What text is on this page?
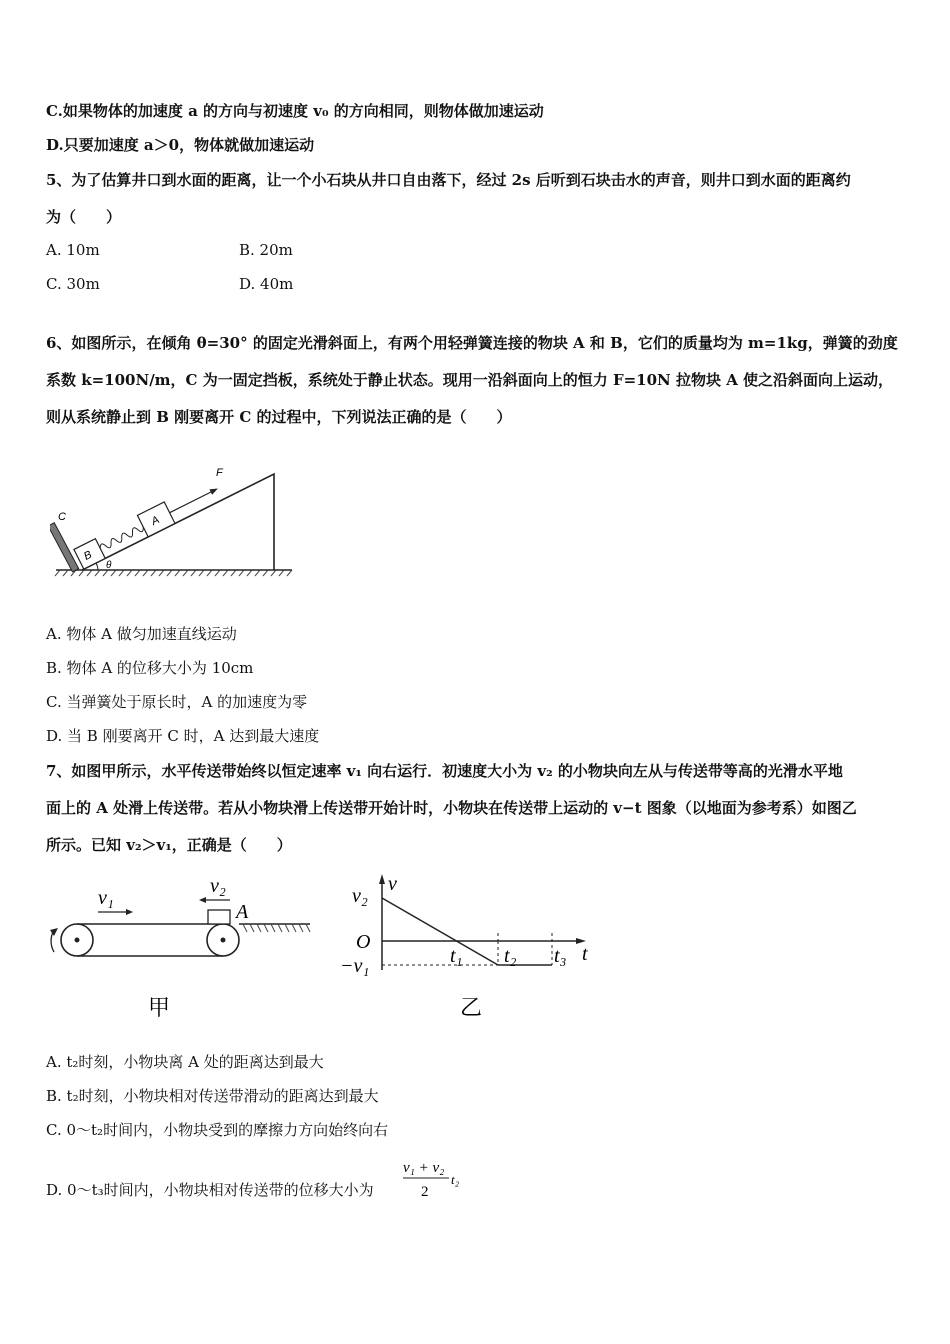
C.如果物体的加速度 a 的方向与初速度 v₀ 的方向相同，则物体做加速运动
D.只要加速度 a＞0，物体就做加速运动
5、为了估算井口到水面的距离，让一个小石块从井口自由落下，经过 2s 后听到石块击水的声音，则井口到水面的距离约
为（　　）
A. 10m	B. 20m
C. 30m	D. 40m
6、如图所示，在倾角 θ=30° 的固定光滑斜面上，有两个用轻弹簧连接的物块 A 和 B，它们的质量均为 m=1kg，弹簧的劲度
系数 k=100N/m，C 为一固定挡板，系统处于静止状态。现用一沿斜面向上的恒力 F=10N 拉物块 A 使之沿斜面向上运动，
则从系统静止到 B 刚要离开 C 的过程中，下列说法正确的是（　　）
C
B
A
F
θ
A. 物体 A 做匀加速直线运动
B. 物体 A 的位移大小为 10cm
C. 当弹簧处于原长时，A 的加速度为零
D. 当 B 刚要离开 C 时，A 达到最大速度
7、如图甲所示，水平传送带始终以恒定速率 v₁ 向右运行．初速度大小为 v₂ 的小物块向左从与传送带等高的光滑水平地
面上的 A 处滑上传送带。若从小物块滑上传送带开始计时，小物块在传送带上运动的 v−t 图象（以地面为参考系）如图乙
所示。已知 v₂＞v₁，正确是（　　）
A
v₁
v₂
甲
v
v₂
O
−v₁	t₁ t₂ t₃ t
乙
A. t₂时刻，小物块离 A 处的距离达到最大
B. t₂时刻，小物块相对传送带滑动的距离达到最大
C. 0～t₂时间内，小物块受到的摩擦力方向始终向右
D. 0～t₃时间内，小物块相对传送带的位移大小为
v₁ + v₂
2
t₂
